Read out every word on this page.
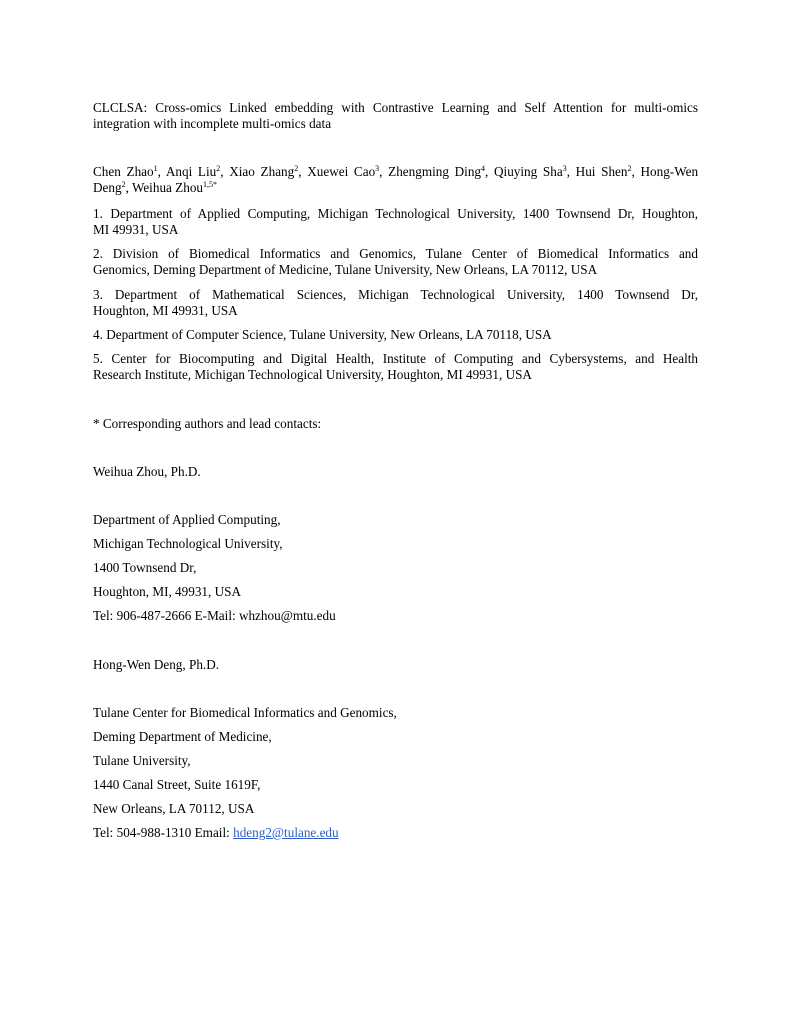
CLCLSA: Cross-omics Linked embedding with Contrastive Learning and Self Attention for multi-omics
integration with incomplete multi-omics data

Chen Zhao$^1$, Anqi Liu$^2$, Xiao Zhang$^2$, Xuewei Cao$^3$, Zhengming Ding$^4$, Qiuying Sha$^3$, Hui Shen$^2$, Hong-Wen Deng$^2$, Weihua Zhou$^{1,5*}$

1. Department of Applied Computing, Michigan Technological University, 1400 Townsend Dr, Houghton,
MI 49931, USA

2. Division of Biomedical Informatics and Genomics, Tulane Center of Biomedical Informatics and
Genomics, Deming Department of Medicine, Tulane University, New Orleans, LA 70112, USA

3. Department of Mathematical Sciences, Michigan Technological University, 1400 Townsend Dr,
Houghton, MI 49931, USA

4. Department of Computer Science, Tulane University, New Orleans, LA 70118, USA

5. Center for Biocomputing and Digital Health, Institute of Computing and Cybersystems, and Health
Research Institute, Michigan Technological University, Houghton, MI 49931, USA

* Corresponding authors and lead contacts:

Weihua Zhou, Ph.D.

Department of Applied Computing,

Michigan Technological University,

1400 Townsend Dr,

Houghton, MI, 49931, USA

Tel: 906-487-2666 E-Mail: whzhou@mtu.edu

Hong-Wen Deng, Ph.D.

Tulane Center for Biomedical Informatics and Genomics,

Deming Department of Medicine,

Tulane University,

1440 Canal Street, Suite 1619F,

New Orleans, LA 70112, USA

Tel: 504-988-1310 Email: hdeng2@tulane.edu
